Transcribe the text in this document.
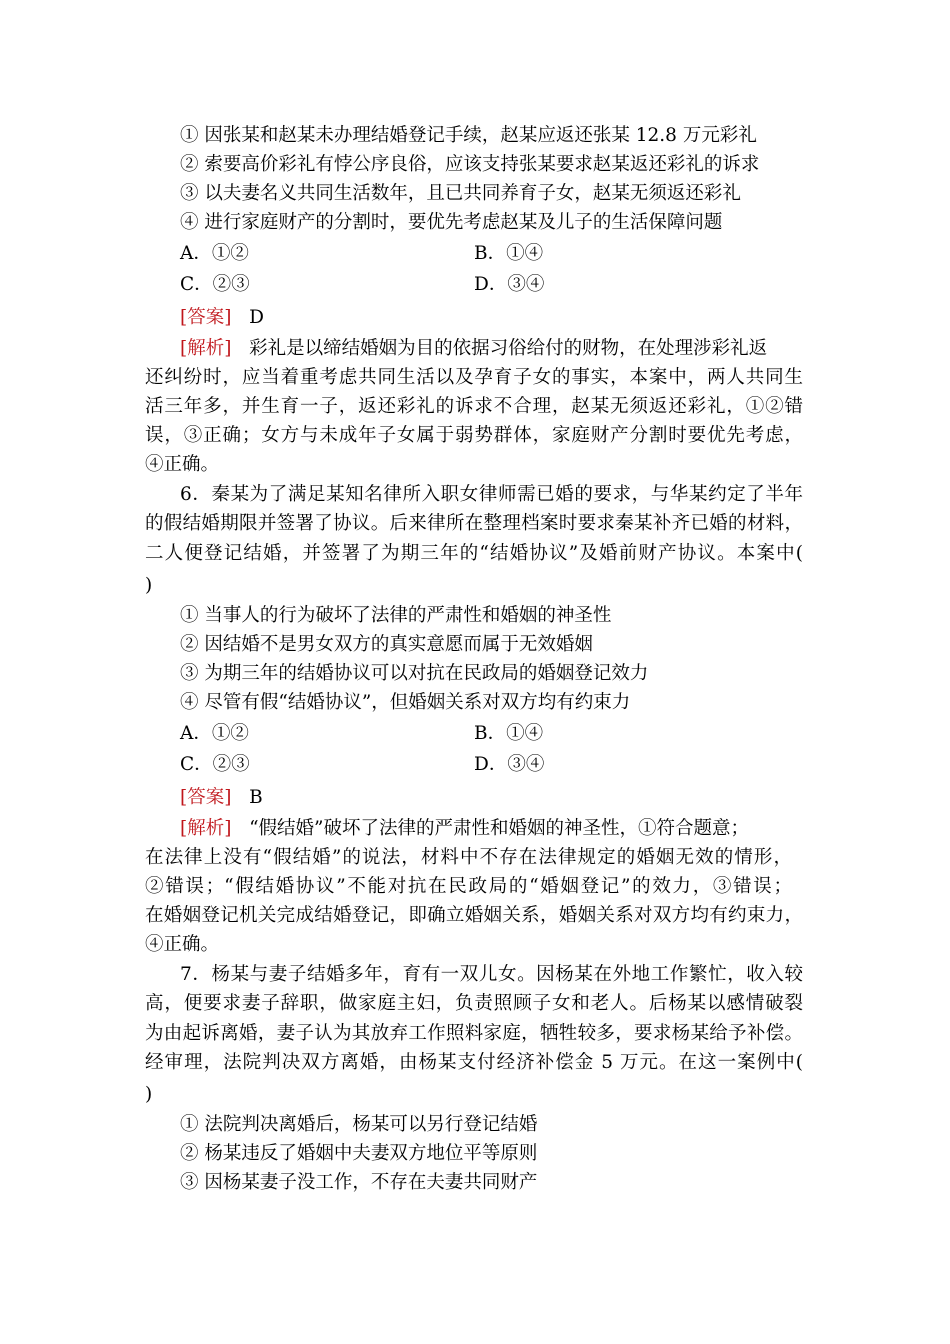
① 因张某和赵某未办理结婚登记手续，赵某应返还张某 12.8 万元彩礼
② 索要高价彩礼有悖公序良俗，应该支持张某要求赵某返还彩礼的诉求
③ 以夫妻名义共同生活数年，且已共同养育子女，赵某无须返还彩礼
④ 进行家庭财产的分割时，要优先考虑赵某及儿子的生活保障问题
A．①②	B．①④
C．②③	D．③④
[答案] D
[解析] 彩礼是以缔结婚姻为目的依据习俗给付的财物，在处理涉彩礼返
还纠纷时，应当着重考虑共同生活以及孕育子女的事实，本案中，两人共同生
活三年多，并生育一子，返还彩礼的诉求不合理，赵某无须返还彩礼，①②错
误，③正确；女方与未成年子女属于弱势群体，家庭财产分割时要优先考虑，
④正确。
6．秦某为了满足某知名律所入职女律师需已婚的要求，与华某约定了半年
的假结婚期限并签署了协议。后来律所在整理档案时要求秦某补齐已婚的材料，
二人便登记结婚，并签署了为期三年的“结婚协议”及婚前财产协议。本案中(
)
① 当事人的行为破坏了法律的严肃性和婚姻的神圣性
② 因结婚不是男女双方的真实意愿而属于无效婚姻
③ 为期三年的结婚协议可以对抗在民政局的婚姻登记效力
④ 尽管有假“结婚协议”，但婚姻关系对双方均有约束力
A．①②	B．①④
C．②③	D．③④
[答案] B
[解析] “假结婚”破坏了法律的严肃性和婚姻的神圣性，①符合题意；
在法律上没有“假结婚”的说法，材料中不存在法律规定的婚姻无效的情形，
②错误；“假结婚协议”不能对抗在民政局的“婚姻登记”的效力，③错误；
在婚姻登记机关完成结婚登记，即确立婚姻关系，婚姻关系对双方均有约束力，
④正确。
7．杨某与妻子结婚多年，育有一双儿女。因杨某在外地工作繁忙，收入较
高，便要求妻子辞职，做家庭主妇，负责照顾子女和老人。后杨某以感情破裂
为由起诉离婚，妻子认为其放弃工作照料家庭，牺牲较多，要求杨某给予补偿。
经审理，法院判决双方离婚，由杨某支付经济补偿金 5 万元。在这一案例中(
)
① 法院判决离婚后，杨某可以另行登记结婚
② 杨某违反了婚姻中夫妻双方地位平等原则
③ 因杨某妻子没工作，不存在夫妻共同财产
